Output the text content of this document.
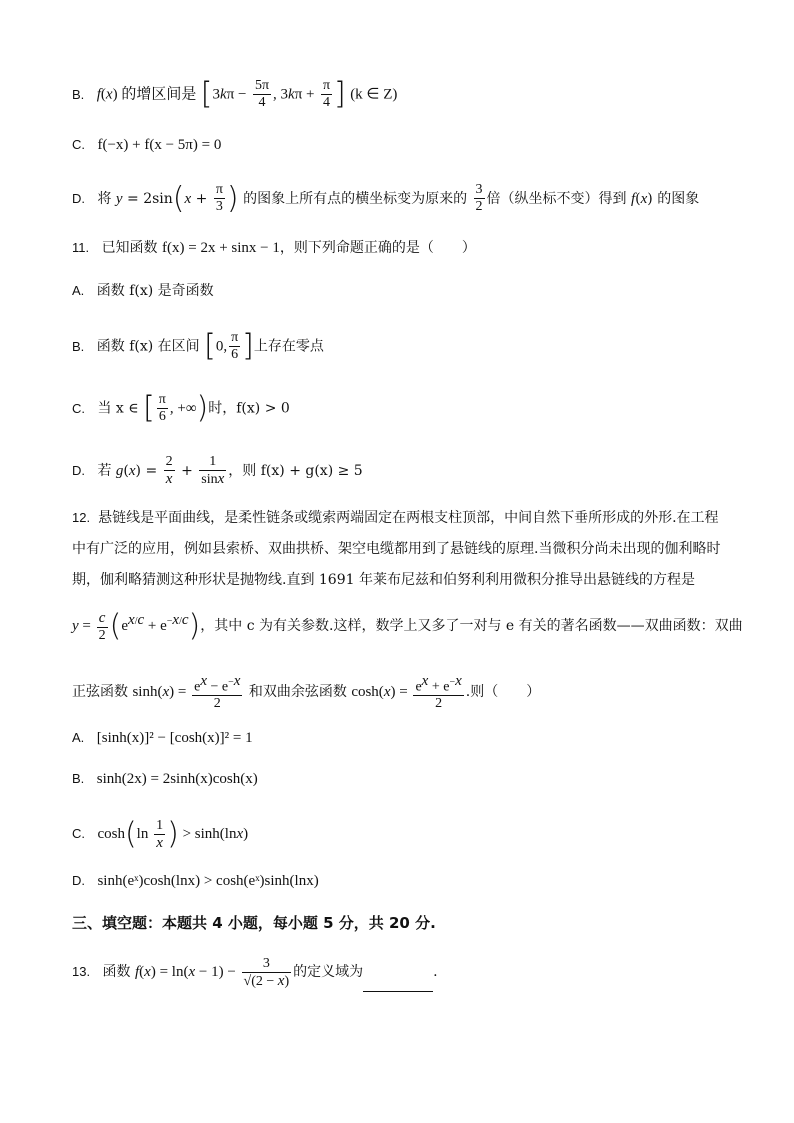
B. f(x) 的增区间是 [$3k\pi - \frac{5\pi}{4}$ , $3k\pi + \frac{\pi}{4}$ ] (k ∈ Z)
C. f(−x) + f(x − 5π) = 0
D. 将 $y = 2\sin(x + \frac{\pi}{3}$ ) 的图象上所有点的横坐标变为原来的 $\frac{3}{2}$ 倍（纵坐标不变）得到 f(x) 的图象
11. 已知函数 f(x) = 2x + sinx − 1，则下列命题正确的是（　　）
A. 函数 f(x) 是奇函数
B. 函数 f(x) 在区间 [0, $\frac{\pi}{6}$ ]上存在零点
C. 当 x ∈ [ $\frac{\pi}{6}$ , +∞)时，f(x) > 0
D. 若 $g(x) = \frac{2}{x} + \frac{1}{\sin x}$ ，则 f(x) + g(x) ≥ 5
12. 悬链线是平面曲线，是柔性链条或缆索两端固定在两根支柱顶部，中间自然下垂所形成的外形.在工程
中有广泛的应用，例如县索桥、双曲拱桥、架空电缆都用到了悬链线的原理.当微积分尚未出现的伽利略时
期，伽利略猜测这种形状是抛物线.直到 1691 年莱布尼兹和伯努利利用微积分推导出悬链线的方程是
$y = \frac{c}{2} (e^{x/c} + e^{-x/c})$，其中 c 为有关参数.这样，数学上又多了一对与 e 有关的著名函数——双曲函数：双曲
正弦函数 $\sinh(x) = \frac{e^x - e^{-x}}{2}$ 和双曲余弦函数 $\cosh(x) = \frac{e^x + e^{-x}}{2}$ .则（　　）
A. [sinh(x)]² − [cosh(x)]² = 1
B. sinh(2x) = 2sinh(x)cosh(x)
C. $\cosh(\ln \frac{1}{x}$ ) > sinh(lnx)
D. sinh(eˣ)cosh(lnx) > cosh(eˣ)sinh(lnx)
三、填空题：本题共 4 小题，每小题 5 分，共 20 分.
13. 函数 $f(x) = \ln(x - 1) - \frac{3}{√(2 - x)}$ 的定义域为	.
